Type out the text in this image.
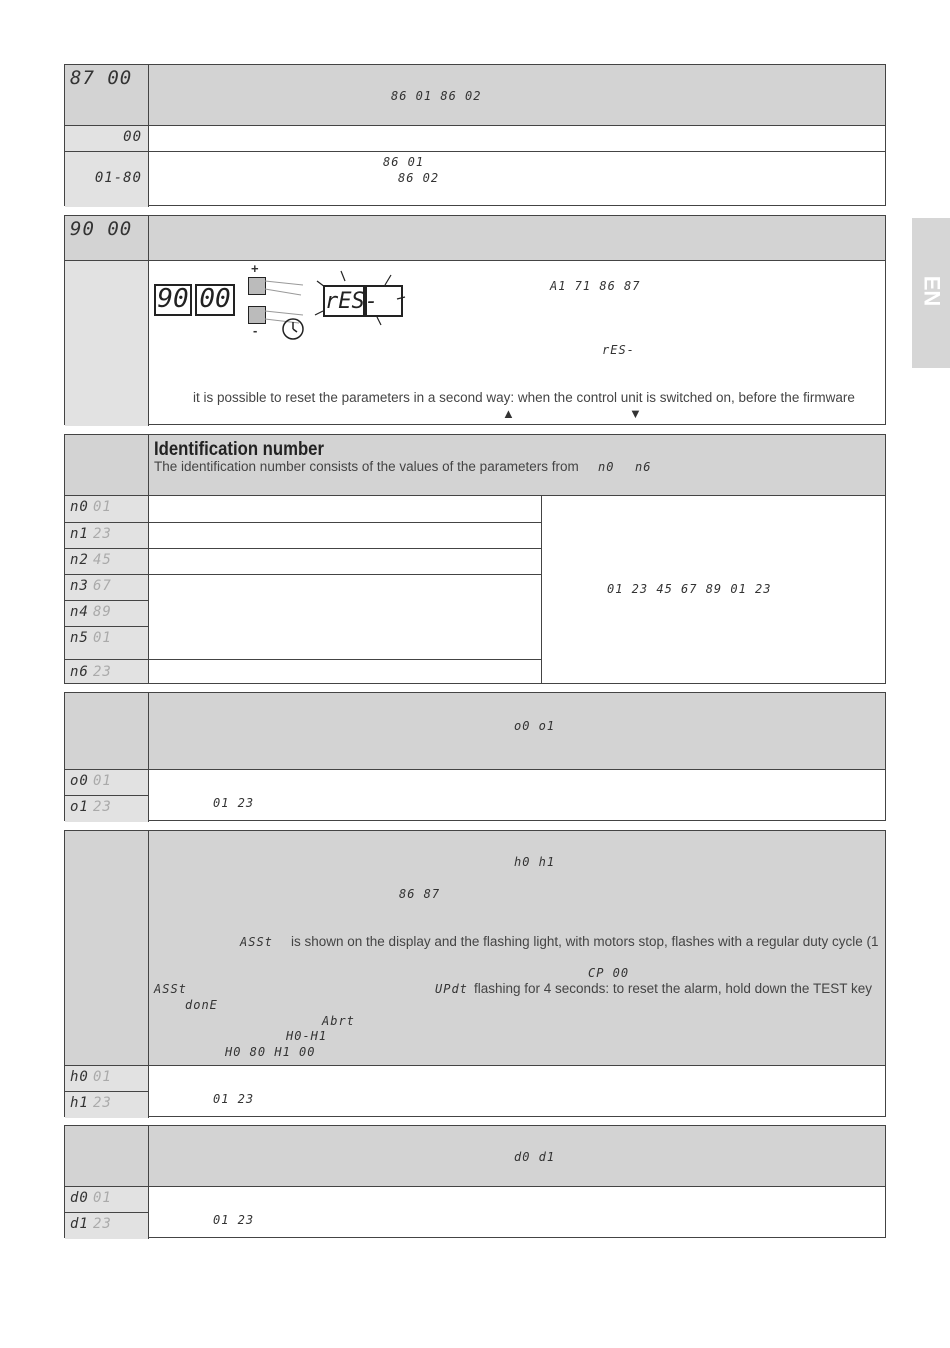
EN
87 00
86 01 86 02
00
01-80
86 01
86 02
90 00
90 00
+
-
rES-
A1 71 86 87
rES-
it is possible to reset the parameters in a second way: when the control unit is switched on, before the firmware
▲	▼
Identification number
The identification number consists of the values of the parameters from n0 n6
n0 01
n1 23
n2 45
n3 67
n4 89
n5 01
n6 23
01 23 45 67 89 01 23
o0 o1
o0 01
o1 23	01 23
h0 h1
86 87
ASSt is shown on the display and the flashing light, with motors stop, flashes with a regular duty cycle (1
CP 00
ASSt	UPdt flashing for 4 seconds: to reset the alarm, hold down the TEST key
donE
Abrt
H0-H1
H0 80 H1 00
h0 01
h1 23	01 23
d0 d1
d0 01
d1 23	01 23
